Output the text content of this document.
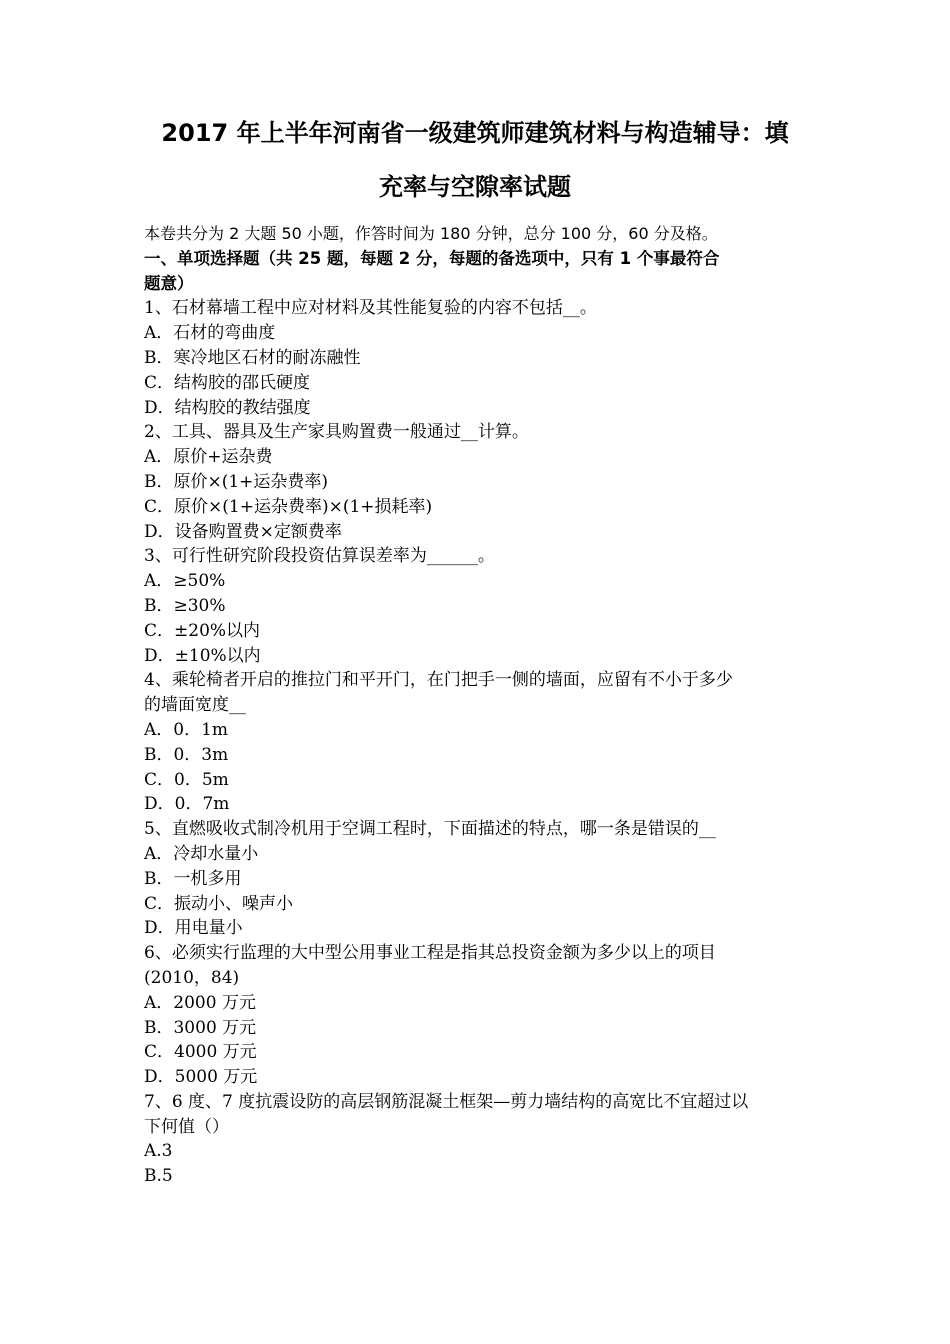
2017 年上半年河南省一级建筑师建筑材料与构造辅导：填
充率与空隙率试题
本卷共分为 2 大题 50 小题，作答时间为 180 分钟，总分 100 分，60 分及格。
一、单项选择题（共 25 题，每题 2 分，每题的备选项中，只有 1 个事最符合
题意）
1、石材幕墙工程中应对材料及其性能复验的内容不包括__。
A．石材的弯曲度
B．寒冷地区石材的耐冻融性
C．结构胶的邵氏硬度
D．结构胶的教结强度
2、工具、器具及生产家具购置费一般通过__计算。
A．原价+运杂费
B．原价×(1+运杂费率)
C．原价×(1+运杂费率)×(1+损耗率)
D．设备购置费×定额费率
3、可行性研究阶段投资估算误差率为______。
A．≥50%
B．≥30%
C．±20%以内
D．±10%以内
4、乘轮椅者开启的推拉门和平开门，在门把手一侧的墙面，应留有不小于多少
的墙面宽度__
A．0．1m
B．0．3m
C．0．5m
D．0．7m
5、直燃吸收式制冷机用于空调工程时，下面描述的特点，哪一条是错误的__
A．冷却水量小
B．一机多用
C．振动小、噪声小
D．用电量小
6、必须实行监理的大中型公用事业工程是指其总投资金额为多少以上的项目
(2010，84)
A．2000 万元
B．3000 万元
C．4000 万元
D．5000 万元
7、6 度、7 度抗震设防的高层钢筋混凝土框架—剪力墙结构的高宽比不宜超过以
下何值（）
A.3
B.5
